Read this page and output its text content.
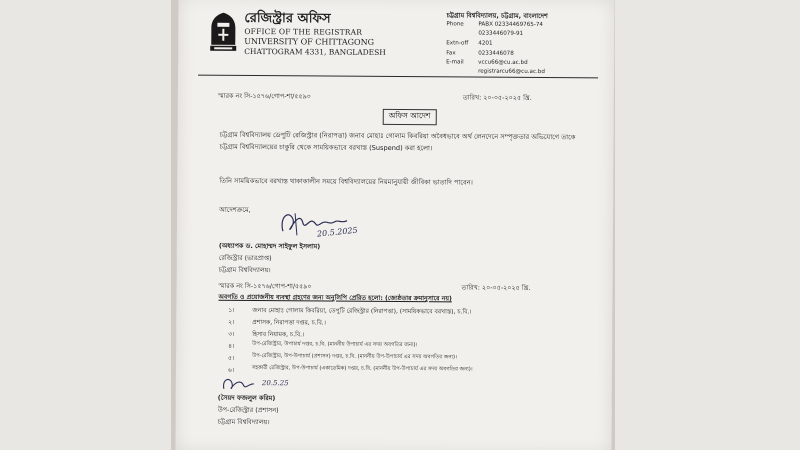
রেজিস্ট্রার অফিস
OFFICE OF THE REGISTRAR
UNIVERSITY OF CHITTAGONG
CHATTOGRAM 4331, BANGLADESH
চট্টগ্রাম বিশ্ববিদ্যালয়, চট্টগ্রাম, বাংলাদেশ
Phone	PABX 02334469765-74
0233446079-91
Extn-off 4201
Fax	0233446078
E-mail	vccu66@cu.ac.bd
registrarcu66@cu.ac.bd
স্মারক নং সি-১৫৭৬/গোপ-শা/৫৫৯০	তারিখ: ২০-০৫-২০২৫ খ্রি.
অফিস আদেশ
চট্টগ্রাম বিশ্ববিদ্যালয় ডেপুটি রেজিস্ট্রার (নিরাপত্তা) জনাব মোহাঃ গোলাম কিবরিয়া অবৈধভাবে অর্থ লেনদেনে সম্পৃক্ততার অভিযোগে তাকে চট্টগ্রাম বিশ্ববিদ্যালয়ের চাকুরি থেকে সাময়িকভাবে বরখাস্ত (Suspend) করা হলো।
তিনি সাময়িকভাবে বরখাস্ত থাকাকালীন সময়ে বিশ্ববিদ্যালয়ের নিয়মানুযায়ী জীবিকা ভাতাদি পাবেন।
আদেশক্রমে,
20.5.2025
(অধ্যাপক ড. মোহাম্মদ সাইফুল ইসলাম)
রেজিস্ট্রার (ভারপ্রাপ্ত)
চট্টগ্রাম বিশ্ববিদ্যালয়।
স্মারক নং সি-১৫৭৬/গোপ-শা/৫৫৯০	তারিখ: ২০-০৫-২০২৫ খ্রি.
অবগতি ও প্রয়োজনীয় ব্যবস্থা গ্রহণের জন্য অনুলিপি প্রেরিত হলো: (জ্যেষ্ঠতার ক্রমানুসারে নয়)
১।	জনাব মোহাঃ গোলাম কিবরিয়া, ডেপুটি রেজিস্ট্রার (নিরাপত্তা), (সাময়িকভাবে বরখাস্ত), চ.বি.।
২।	প্রশাসক, নিরাপত্তা দপ্তর, চ.বি.।
৩।	হিসাব নিয়ামক, চ.বি.।
৪।	উপ-রেজিস্ট্রার, উপাচার্য দপ্তর, চ.বি. (মাননীয় উপাচার্য এর সদয় অবগতির জন্য)।
৫।	উপ-রেজিস্ট্রার, উপ-উপাচার্য (প্রশাসন) দপ্তর, চ.বি. (মাননীয় উপ-উপাচার্য এর সদয় অবগতির জন্য)।
৬।	সহকারী রেজিস্ট্রার, উপ-উপাচার্য (একাডেমিক) দপ্তর, চ.বি. (মাননীয় উপ-উপাচার্য এর সদয় অবগতির জন্য)।
20.5.25
(সৈয়দ ফজলুল করিম)
উপ-রেজিস্ট্রার (প্রশাসন)
চট্টগ্রাম বিশ্ববিদ্যালয়।
